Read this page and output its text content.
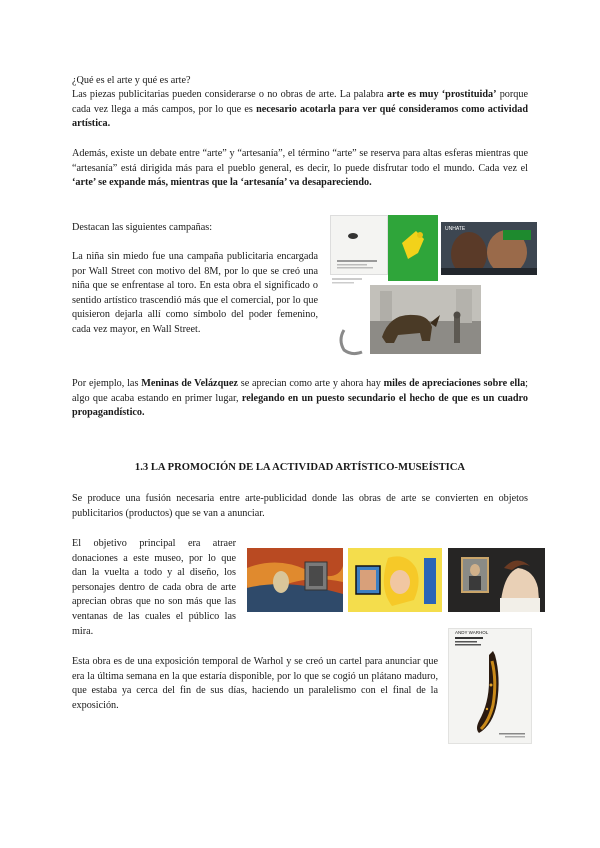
¿Qué es el arte y qué es arte?
Las piezas publicitarias pueden considerarse o no obras de arte. La palabra arte es muy ‘prostituida’ porque cada vez llega a más campos, por lo que es necesario acotarla para ver qué consideramos como actividad artística.
Además, existe un debate entre “arte” y “artesanía”, el término “arte” se reserva para altas esferas mientras que “artesanía” está dirigida más para el pueblo general, es decir, lo puede disfrutar todo el mundo. Cada vez el ‘arte’ se expande más, mientras que la ‘artesanía’ va desapareciendo.
Destacan las siguientes campañas:
La niña sin miedo fue una campaña publicitaria encargada por Wall Street con motivo del 8M, por lo que se creó una niña que se enfrentase al toro. En esta obra el significado o sentido artístico trascendió más que el comercial, por lo que quisieron dejarla allí como símbolo del poder femenino, cada vez mayor, en Wall Street.
UNHATE
Por ejemplo, las Meninas de Velázquez se aprecian como arte y ahora hay miles de apreciaciones sobre ella; algo que acaba estando en primer lugar, relegando en un puesto secundario el hecho de que es un cuadro propagandístico.
1.3 LA PROMOCIÓN DE LA ACTIVIDAD ARTÍSTICO-MUSEÍSTICA
Se produce una fusión necesaria entre arte-publicidad donde las obras de arte se convierten en objetos publicitarios (productos) que se van a anunciar.
El objetivo principal era atraer donaciones a este museo, por lo que dan la vuelta a todo y al diseño, los personajes dentro de cada obra de arte aprecian obras que no son más que las ventanas de las cuales el público las mira.
Esta obra es de una exposición temporal de Warhol y se creó un cartel para anunciar que era la última semana en la que estaría disponible, por lo que se cogió un plátano maduro, que estaba ya cerca del fin de sus días, haciendo un paralelismo con el final de la exposición.
ANDY WARHOL
